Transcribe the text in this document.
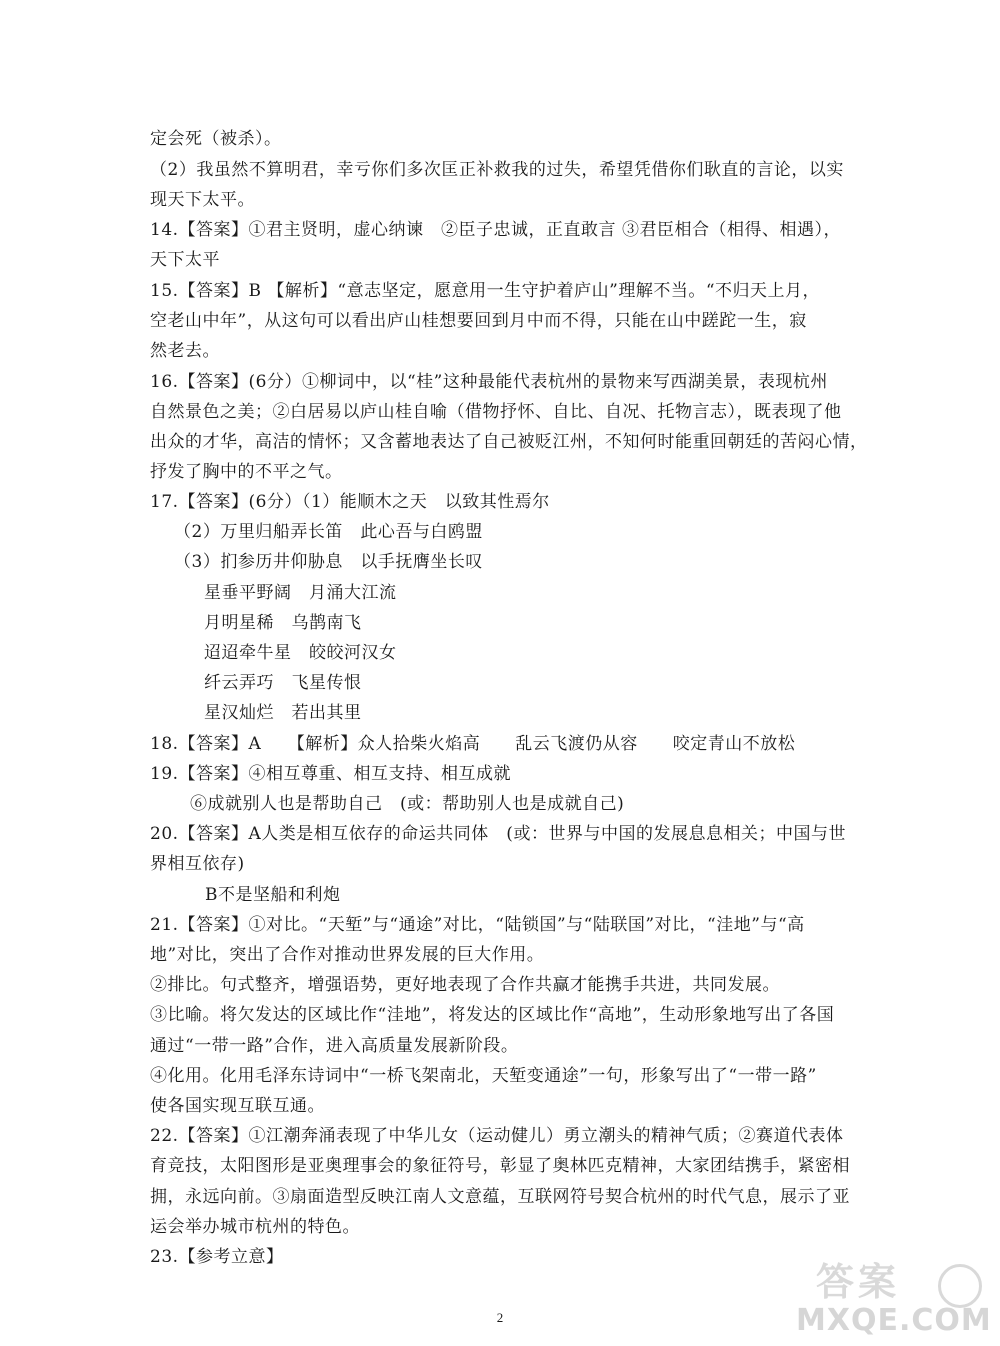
定会死（被杀）。
（2）我虽然不算明君，幸亏你们多次匡正补救我的过失，希望凭借你们耿直的言论，以实
现天下太平。
14.【答案】①君主贤明，虚心纳谏　②臣子忠诚，正直敢言 ③君臣相合（相得、相遇），
天下太平
15.【答案】B 【解析】“意志坚定，愿意用一生守护着庐山”理解不当。“不归天上月，
空老山中年”，从这句可以看出庐山桂想要回到月中而不得，只能在山中蹉跎一生，寂
然老去。
16.【答案】(6分）①柳词中，以“桂”这种最能代表杭州的景物来写西湖美景，表现杭州
自然景色之美；②白居易以庐山桂自喻（借物抒怀、自比、自况、托物言志），既表现了他
出众的才华，高洁的情怀；又含蓄地表达了自己被贬江州，不知何时能重回朝廷的苦闷心情，
抒发了胸中的不平之气。
17.【答案】(6分）（1）能顺木之天　以致其性焉尔
（2）万里归船弄长笛　此心吾与白鸥盟
（3）扪参历井仰胁息　以手抚膺坐长叹
星垂平野阔　月涌大江流
月明星稀　乌鹊南飞
迢迢牵牛星　皎皎河汉女
纤云弄巧　飞星传恨
星汉灿烂　若出其里
18.【答案】A　　【解析】众人拾柴火焰高　　乱云飞渡仍从容　　咬定青山不放松
19.【答案】④相互尊重、相互支持、相互成就
⑥成就别人也是帮助自己　(或：帮助别人也是成就自己)
20.【答案】A人类是相互依存的命运共同体　(或：世界与中国的发展息息相关；中国与世
界相互依存)
B不是坚船和利炮
21.【答案】①对比。“天堑”与“通途”对比，“陆锁国”与“陆联国”对比，“洼地”与“高
地”对比，突出了合作对推动世界发展的巨大作用。
②排比。句式整齐，增强语势，更好地表现了合作共赢才能携手共进，共同发展。
③比喻。将欠发达的区域比作“洼地”，将发达的区域比作“高地”，生动形象地写出了各国
通过“一带一路”合作，进入高质量发展新阶段。
④化用。化用毛泽东诗词中“一桥飞架南北，天堑变通途”一句，形象写出了“一带一路”
使各国实现互联互通。
22.【答案】①江潮奔涌表现了中华儿女（运动健儿）勇立潮头的精神气质；②赛道代表体
育竞技，太阳图形是亚奥理事会的象征符号，彰显了奥林匹克精神，大家团结携手，紧密相
拥，永远向前。③扇面造型反映江南人文意蕴，互联网符号契合杭州的时代气息，展示了亚
运会举办城市杭州的特色。
23.【参考立意】
2
答案
MXQE.COM
